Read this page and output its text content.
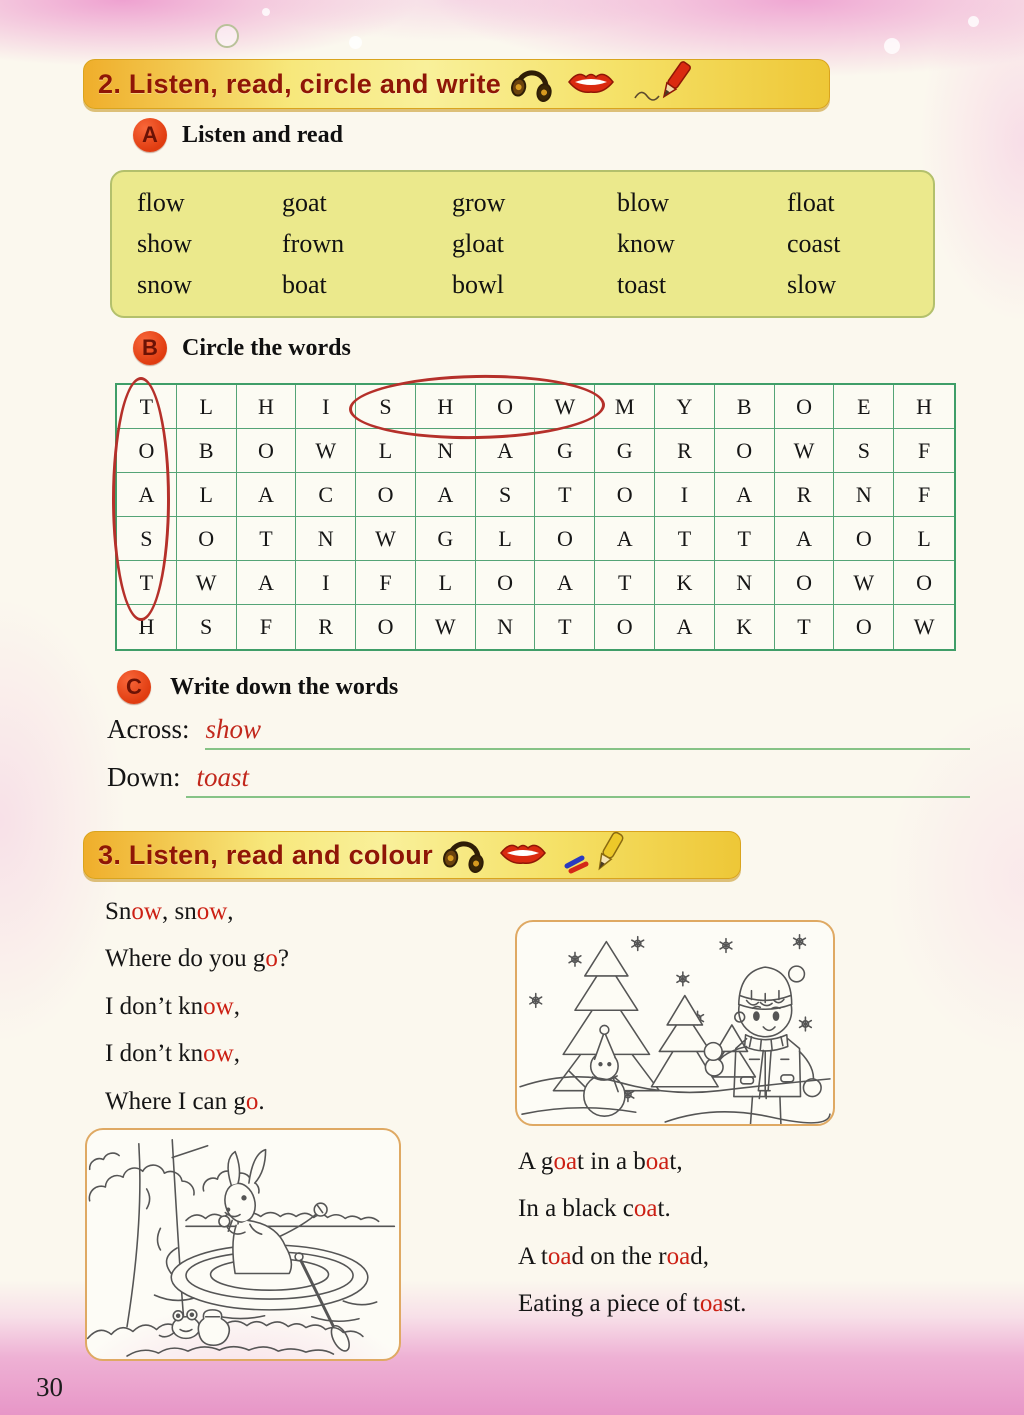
2. Listen, read, circle and write
A	Listen and read
flow	goat	grow	blow	float
show	frown	gloat	know	coast
snow	boat	bowl	toast	slow
B	Circle the words
T	L	H	I	S	H	O	W	M	Y	B	O	E	H
O	B	O	W	L	N	A	G	G	R	O	W	S	F
A	L	A	C	O	A	S	T	O	I	A	R	N	F
S	O	T	N	W	G	L	O	A	T	T	A	O	L
T	W	A	I	F	L	O	A	T	K	N	O	W	O
H	S	F	R	O	W	N	T	O	A	K	T	O	W
C	Write down the words
Across: show
Down: toast
3. Listen, read and colour
Sn ow , sn ow ,
Where do you g o ?
I don’t kn ow ,
I don’t kn ow ,
Where I can g o .
A g oa t in a b oa t,
In a black c oa t.
A t oa d on the r oa d,
Eating a piece of t oa st.
30
